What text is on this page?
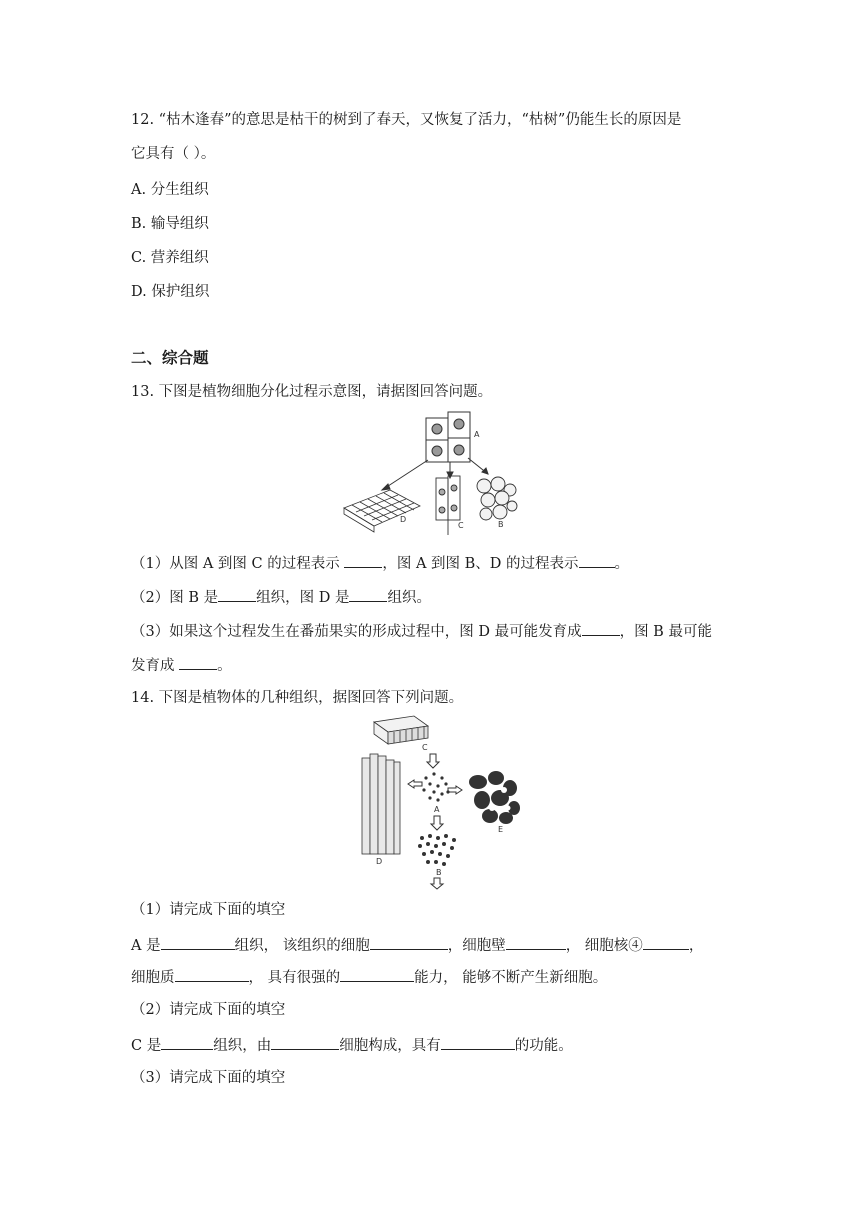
12. “枯木逢春”的意思是枯干的树到了春天，又恢复了活力，“枯树”仍能生长的原因是
它具有（ ）。
A. 分生组织
B. 输导组织
C. 营养组织
D. 保护组织
二、综合题
13. 下图是植物细胞分化过程示意图，请据图回答问题。
A
D
C	B
（1）从图 A 到图 C 的过程表示	，图 A 到图 B、D 的过程表示 。
（2）图 B 是	组织，图 D 是	组织。
（3）如果这个过程发生在番茄果实的形成过程中，图 D 最可能发育成	，图 B 最可能
发育成	。
14. 下图是植物体的几种组织，据图回答下列问题。
C
A
D
E
B
（1）请完成下面的填空
A 是	组织， 该组织的细胞	，细胞壁	， 细胞核④	，
细胞质	， 具有很强的	能力， 能够不断产生新细胞。
（2）请完成下面的填空
C 是	组织，由	细胞构成，具有	的功能。
（3）请完成下面的填空
